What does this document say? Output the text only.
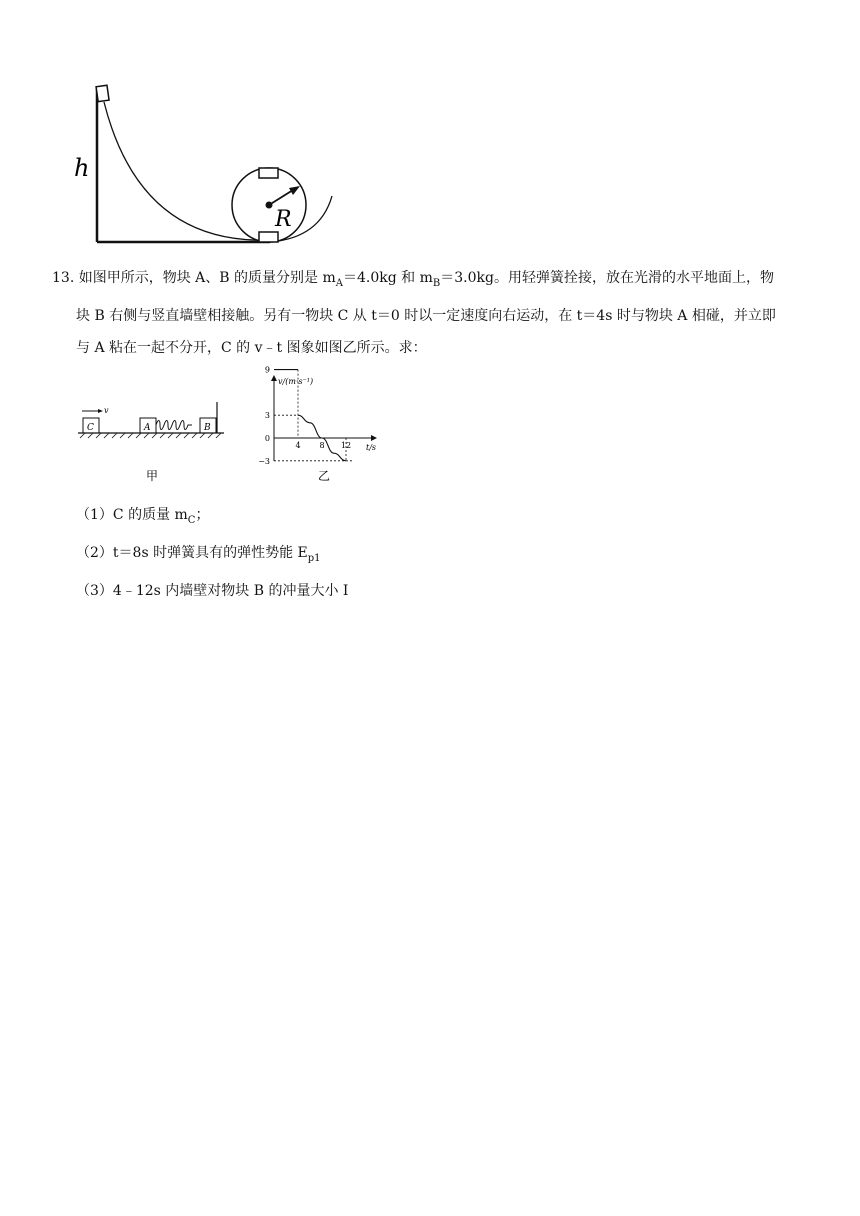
h
R

13. 如图甲所示，物块 A、B 的质量分别是 $m_A=4.0kg$ 和 $m_B=3.0kg$。用轻弹簧拴接，放在光滑的水平地面上，物

块 B 右侧与竖直墙壁相接触。另有一物块 C 从 t＝0 时以一定速度向右运动，在 t＝4s 时与物块 A 相碰，并立即

与 A 粘在一起不分开，C 的 v﹣t 图象如图乙所示。求：

v
C	A	B
甲
v/(m·s⁻¹)
t/s
9
3
0
−3
4 8 12
乙
（1）C 的质量 $m_C$；
（2）t＝8s 时弹簧具有的弹性势能 $E_{p1}$
（3）4﹣12s 内墙壁对物块 B 的冲量大小 I
